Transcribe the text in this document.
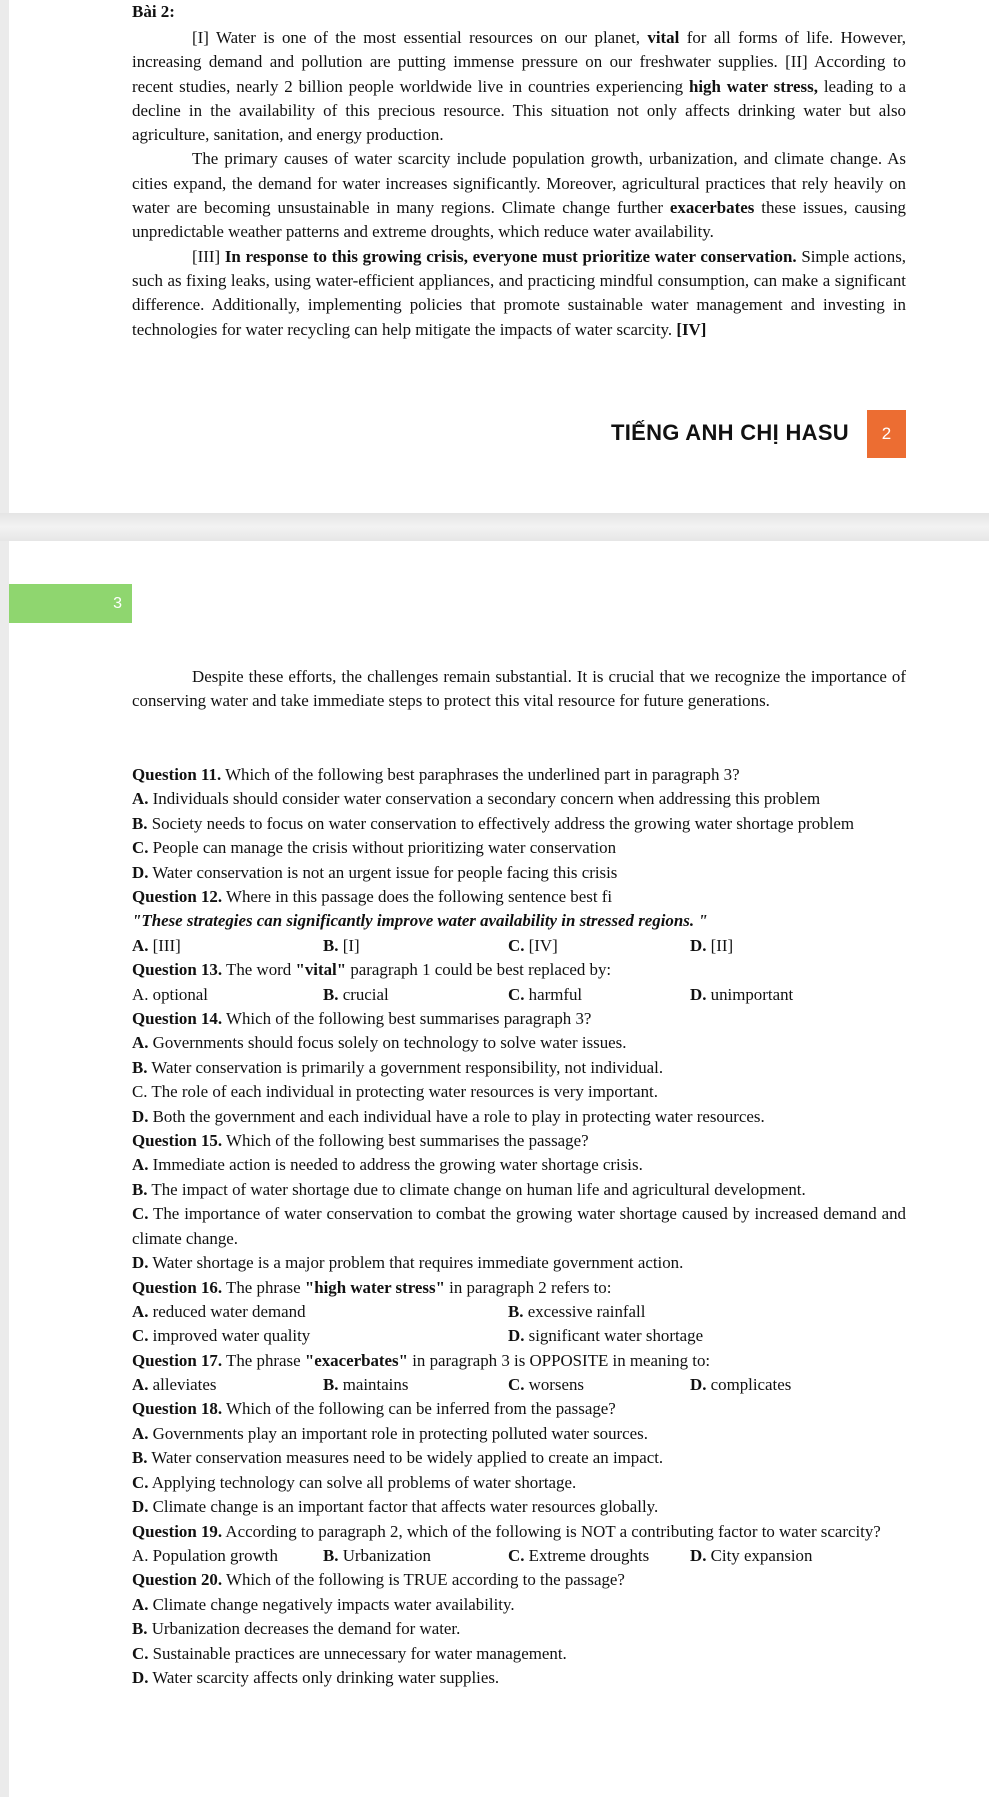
Bài 2:

[I] Water is one of the most essential resources on our planet, vital for all forms of life. However, increasing demand and pollution are putting immense pressure on our freshwater supplies. [II] According to recent studies, nearly 2 billion people worldwide live in countries experiencing high water stress, leading to a decline in the availability of this precious resource. This situation not only affects drinking water but also agriculture, sanitation, and energy production.

The primary causes of water scarcity include population growth, urbanization, and climate change. As cities expand, the demand for water increases significantly. Moreover, agricultural practices that rely heavily on water are becoming unsustainable in many regions. Climate change further exacerbates these issues, causing unpredictable weather patterns and extreme droughts, which reduce water availability.

[III] In response to this growing crisis, everyone must prioritize water conservation. Simple actions, such as fixing leaks, using water-efficient appliances, and practicing mindful consumption, can make a significant difference. Additionally, implementing policies that promote sustainable water management and investing in technologies for water recycling can help mitigate the impacts of water scarcity. [IV]

TIẾNG ANH CHỊ HASU	2
3

Despite these efforts, the challenges remain substantial. It is crucial that we recognize the importance of conserving water and take immediate steps to protect this vital resource for future generations.

Question 11. Which of the following best paraphrases the underlined part in paragraph 3?
A. Individuals should consider water conservation a secondary concern when addressing this problem
B. Society needs to focus on water conservation to effectively address the growing water shortage problem
C. People can manage the crisis without prioritizing water conservation
D. Water conservation is not an urgent issue for people facing this crisis
Question 12. Where in this passage does the following sentence best fi
"These strategies can significantly improve water availability in stressed regions. "
A. [III]	B. [I]	C. [IV]	D. [II]
Question 13. The word "vital" paragraph 1 could be best replaced by:
A. optional	B. crucial	C. harmful	D. unimportant
Question 14. Which of the following best summarises paragraph 3?
A. Governments should focus solely on technology to solve water issues.
B. Water conservation is primarily a government responsibility, not individual.
C. The role of each individual in protecting water resources is very important.
D. Both the government and each individual have a role to play in protecting water resources.
Question 15. Which of the following best summarises the passage?
A. Immediate action is needed to address the growing water shortage crisis.
B. The impact of water shortage due to climate change on human life and agricultural development.
C. The importance of water conservation to combat the growing water shortage caused by increased demand and climate change.
D. Water shortage is a major problem that requires immediate government action.
Question 16. The phrase "high water stress" in paragraph 2 refers to:
A. reduced water demand	B. excessive rainfall
C. improved water quality	D. significant water shortage
Question 17. The phrase "exacerbates" in paragraph 3 is OPPOSITE in meaning to:
A. alleviates	B. maintains	C. worsens	D. complicates
Question 18. Which of the following can be inferred from the passage?
A. Governments play an important role in protecting polluted water sources.
B. Water conservation measures need to be widely applied to create an impact.
C. Applying technology can solve all problems of water shortage.
D. Climate change is an important factor that affects water resources globally.
Question 19. According to paragraph 2, which of the following is NOT a contributing factor to water scarcity?
A. Population growth	B. Urbanization	C. Extreme droughts D. City expansion
Question 20. Which of the following is TRUE according to the passage?
A. Climate change negatively impacts water availability.
B. Urbanization decreases the demand for water.
C. Sustainable practices are unnecessary for water management.
D. Water scarcity affects only drinking water supplies.
